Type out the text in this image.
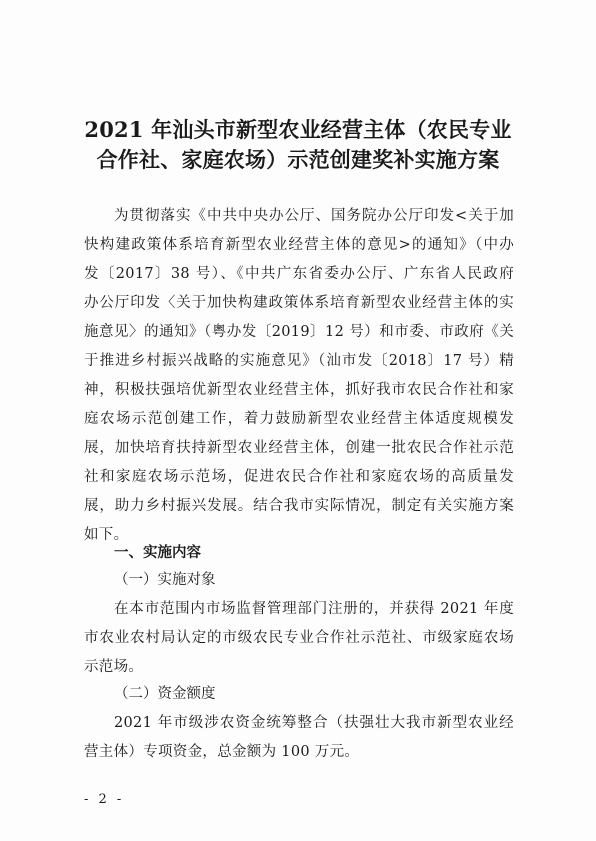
2021 年汕头市新型农业经营主体（农民专业
合作社、家庭农场）示范创建奖补实施方案
为贯彻落实《中共中央办公厅、国务院办公厅印发<关于加
快构建政策体系培育新型农业经营主体的意见>的通知》（中办
发〔2017〕38 号）、《中共广东省委办公厅、广东省人民政府
办公厅印发〈关于加快构建政策体系培育新型农业经营主体的实
施意见〉的通知》（粤办发〔2019〕12 号）和市委、市政府《关
于推进乡村振兴战略的实施意见》（汕市发〔2018〕17 号）精
神，积极扶强培优新型农业经营主体，抓好我市农民合作社和家
庭农场示范创建工作，着力鼓励新型农业经营主体适度规模发
展，加快培育扶持新型农业经营主体，创建一批农民合作社示范
社和家庭农场示范场，促进农民合作社和家庭农场的高质量发
展，助力乡村振兴发展。结合我市实际情况，制定有关实施方案
如下。
一、实施内容
（一）实施对象
在本市范围内市场监督管理部门注册的，并获得 2021 年度
市农业农村局认定的市级农民专业合作社示范社、市级家庭农场
示范场。
（二）资金额度
2021 年市级涉农资金统筹整合（扶强壮大我市新型农业经
营主体）专项资金，总金额为 100 万元。
- 2 -
